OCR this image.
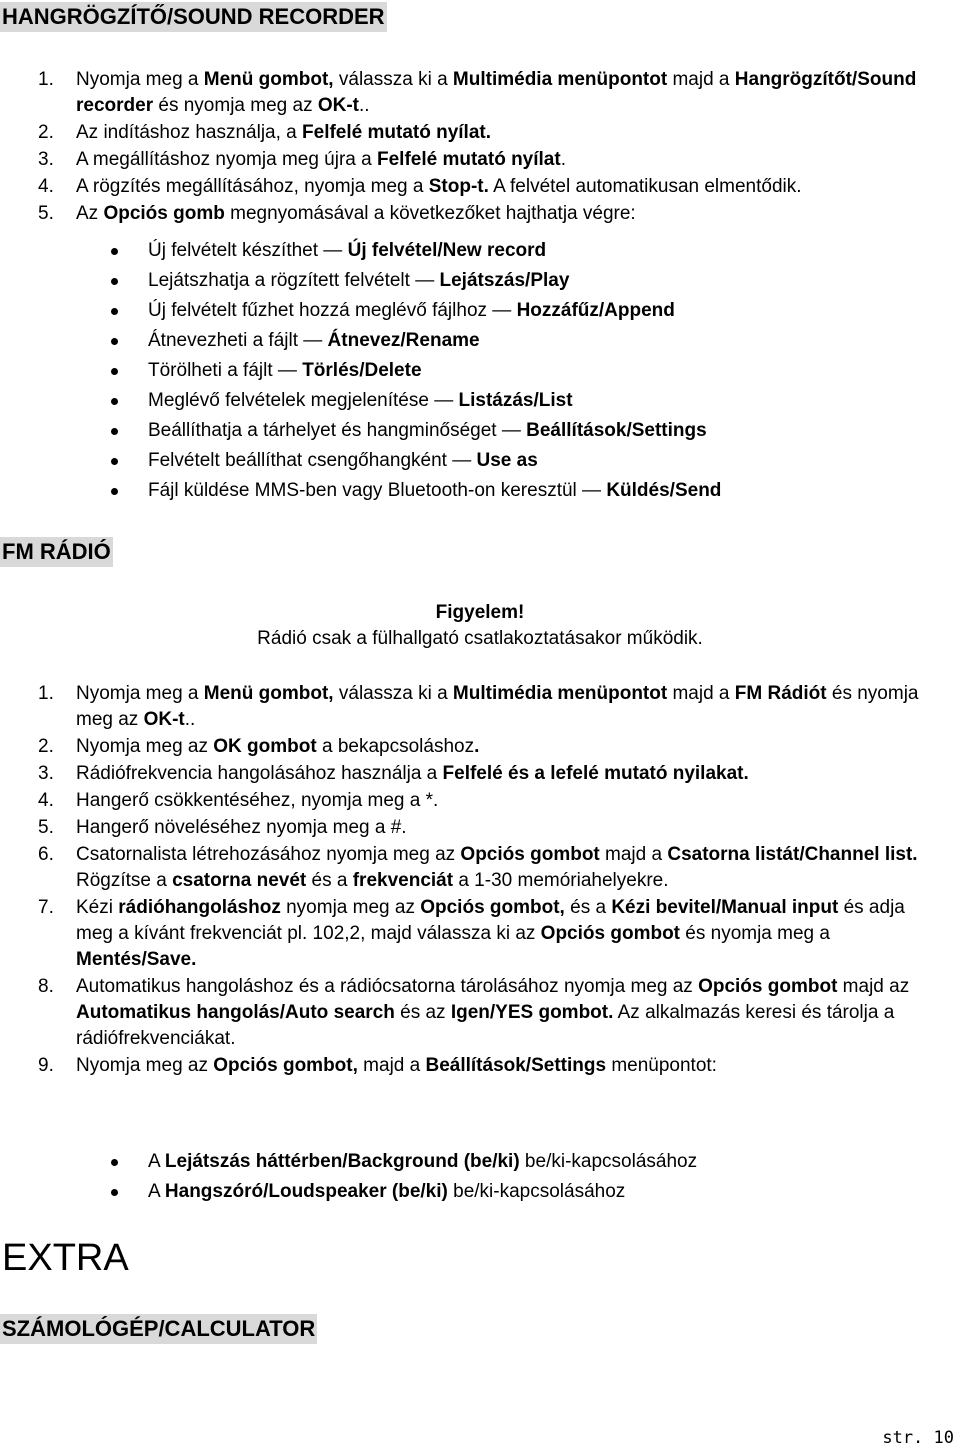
HANGRÖGZÍTŐ/SOUND RECORDER
1. Nyomja meg a Menü gombot, válassza ki a Multimédia menüpontot majd a Hangrögzítőt/Sound recorder és nyomja meg az OK-t..
2. Az indításhoz használja, a Felfelé mutató nyílat.
3. A megállításhoz nyomja meg újra a Felfelé mutató nyílat.
4. A rögzítés megállításához, nyomja meg a Stop-t. A felvétel automatikusan elmentődik.
5. Az Opciós gomb megnyomásával a következőket hajthatja végre:
Új felvételt készíthet — Új felvétel/New record
Lejátszhatja a rögzített felvételt — Lejátszás/Play
Új felvételt fűzhet hozzá meglévő fájlhoz — Hozzáfűz/Append
Átnevezheti a fájlt — Átnevez/Rename
Törölheti a fájlt — Törlés/Delete
Meglévő felvételek megjelenítése — Listázás/List
Beállíthatja a tárhelyet és hangminőséget — Beállítások/Settings
Felvételt beállíthat csengőhangként — Use as
Fájl küldése MMS-ben vagy Bluetooth-on keresztül — Küldés/Send
FM RÁDIÓ
Figyelem!
Rádió csak a fülhallgató csatlakoztatásakor működik.
1. Nyomja meg a Menü gombot, válassza ki a Multimédia menüpontot majd a FM Rádiót és nyomja meg az OK-t..
2. Nyomja meg az OK gombot a bekapcsoláshoz.
3. Rádiófrekvencia hangolásához használja a Felfelé és a lefelé mutató nyilakat.
4. Hangerő csökkentéséhez, nyomja meg a *.
5. Hangerő növeléséhez nyomja meg a #.
6. Csatornalista létrehozásához nyomja meg az Opciós gombot majd a Csatorna listát/Channel list. Rögzítse a csatorna nevét és a frekvenciát a 1-30 memóriahelyekre.
7. Kézi rádióhangoláshoz nyomja meg az Opciós gombot, és a Kézi bevitel/Manual input és adja meg a kívánt frekvenciát pl. 102,2, majd válassza ki az Opciós gombot és nyomja meg a Mentés/Save.
8. Automatikus hangoláshoz és a rádiócsatorna tárolásához nyomja meg az Opciós gombot majd az Automatikus hangolás/Auto search és az Igen/YES gombot. Az alkalmazás keresi és tárolja a rádiófrekvenciákat.
9. Nyomja meg az Opciós gombot, majd a Beállítások/Settings menüpontot:
A Lejátszás háttérben/Background (be/ki) be/ki-kapcsolásához
A Hangszóró/Loudspeaker (be/ki) be/ki-kapcsolásához
EXTRA
SZÁMOLÓGÉP/CALCULATOR
str. 10
